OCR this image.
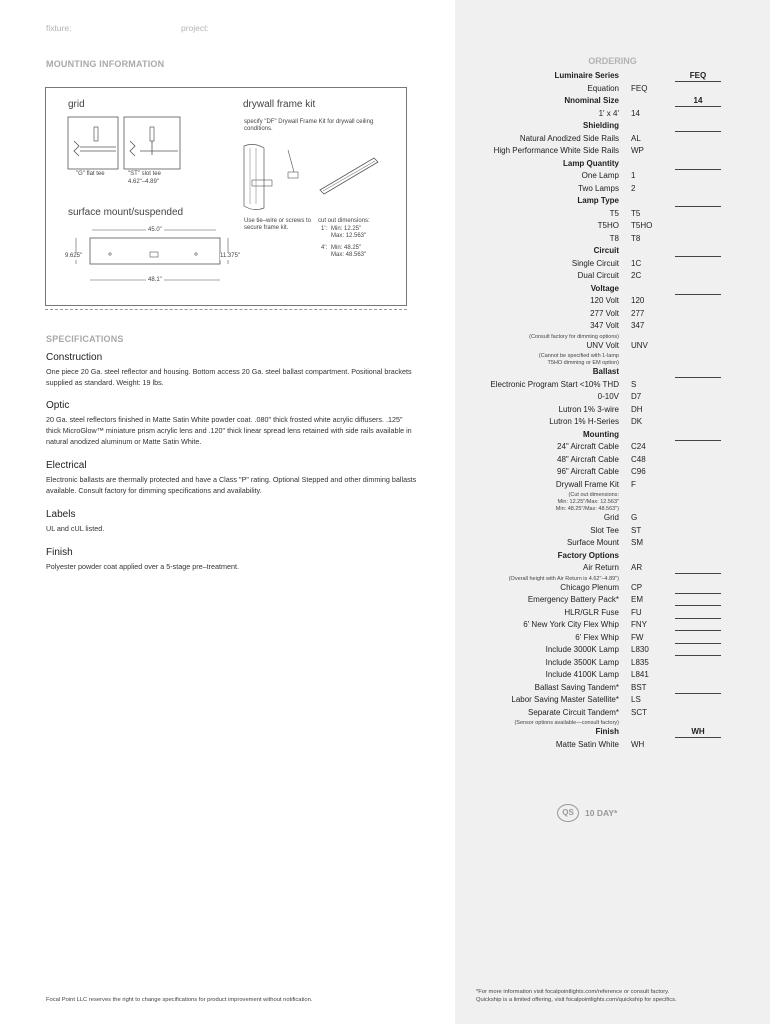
fixture:	project:
MOUNTING INFORMATION
grid	drywall frame kit
"G" flat tee	"ST" slot tee
4.62"–4.89"
specify "DF" Drywall Frame Kit for drywall ceiling conditions.
Use tie–wire or screws to secure frame kit.
cut out dimensions:
1': Min: 12.25"
Max: 12.563"
4': Min: 48.25"
Max: 48.563"
surface mount/suspended
45.0"
9.625"	11.375"
48.1"
SPECIFICATIONS
Construction
One piece 20 Ga. steel reflector and housing. Bottom access 20 Ga. steel ballast compartment. Positional brackets supplied as standard. Weight: 19 lbs.
Optic
20 Ga. steel reflectors finished in Matte Satin White powder coat. .080" thick frosted white acrylic diffusers. .125" thick MicroGlow™ miniature prism acrylic lens and .120" thick linear spread lens retained with side rails available in natural anodized aluminum or Matte Satin White.
Electrical
Electronic ballasts are thermally protected and have a Class "P" rating. Optional Stepped and other dimming ballasts available. Consult factory for dimming specifications and availability.
Labels
UL and cUL listed.
Finish
Polyester powder coat applied over a 5-stage pre–treatment.
ORDERING
Luminaire Series	FEQ
Equation FEQ
Nnominal Size	14
1' x 4' 14
Shielding
Natural Anodized Side Rails AL
High Performance White Side Rails WP
Lamp Quantity
One Lamp 1
Two Lamps 2
Lamp Type
T5 T5
T5HO T5HO
T8 T8
Circuit
Single Circuit 1C
Dual Circuit 2C
Voltage
120 Volt 120
277 Volt 277
347 Volt 347
(Consult factory for dimming options)
UNV Volt UNV
(Cannot be specified with 1-lamp
T5HO dimming or EM option)
Ballast
Electronic Program Start <10% THD S
0-10V D7
Lutron 1% 3-wire DH
Lutron 1% H-Series DK
Mounting
24" Aircraft Cable C24
48" Aircraft Cable C48
96" Aircraft Cable C96
Drywall Frame Kit F
(Cut out dimensions:
Min: 12.25"/Max: 12.563"
Min: 48.25"/Max: 48.563")
Grid G
Slot Tee ST
Surface Mount SM
Factory Options
Air Return AR
(Overall height with Air Return is 4.62"–4.89")
Chicago Plenum CP
Emergency Battery Pack* EM
HLR/GLR Fuse FU
6' New York City Flex Whip FNY
6' Flex Whip FW
Include 3000K Lamp L830
Include 3500K Lamp L835
Include 4100K Lamp L841
Ballast Saving Tandem* BST
Labor Saving Master Satellite* LS
Separate Circuit Tandem* SCT
(Sensor options available—consult factory)
Finish	WH
Matte Satin White WH
QS	10 DAY*
Focal Point LLC reserves the right to change specifications for product improvement without notification.
*For more information visit focalpointlights.com/reference or consult factory.
Quickship is a limited offering, visit focalpointlights.com/quickship for specifics.
